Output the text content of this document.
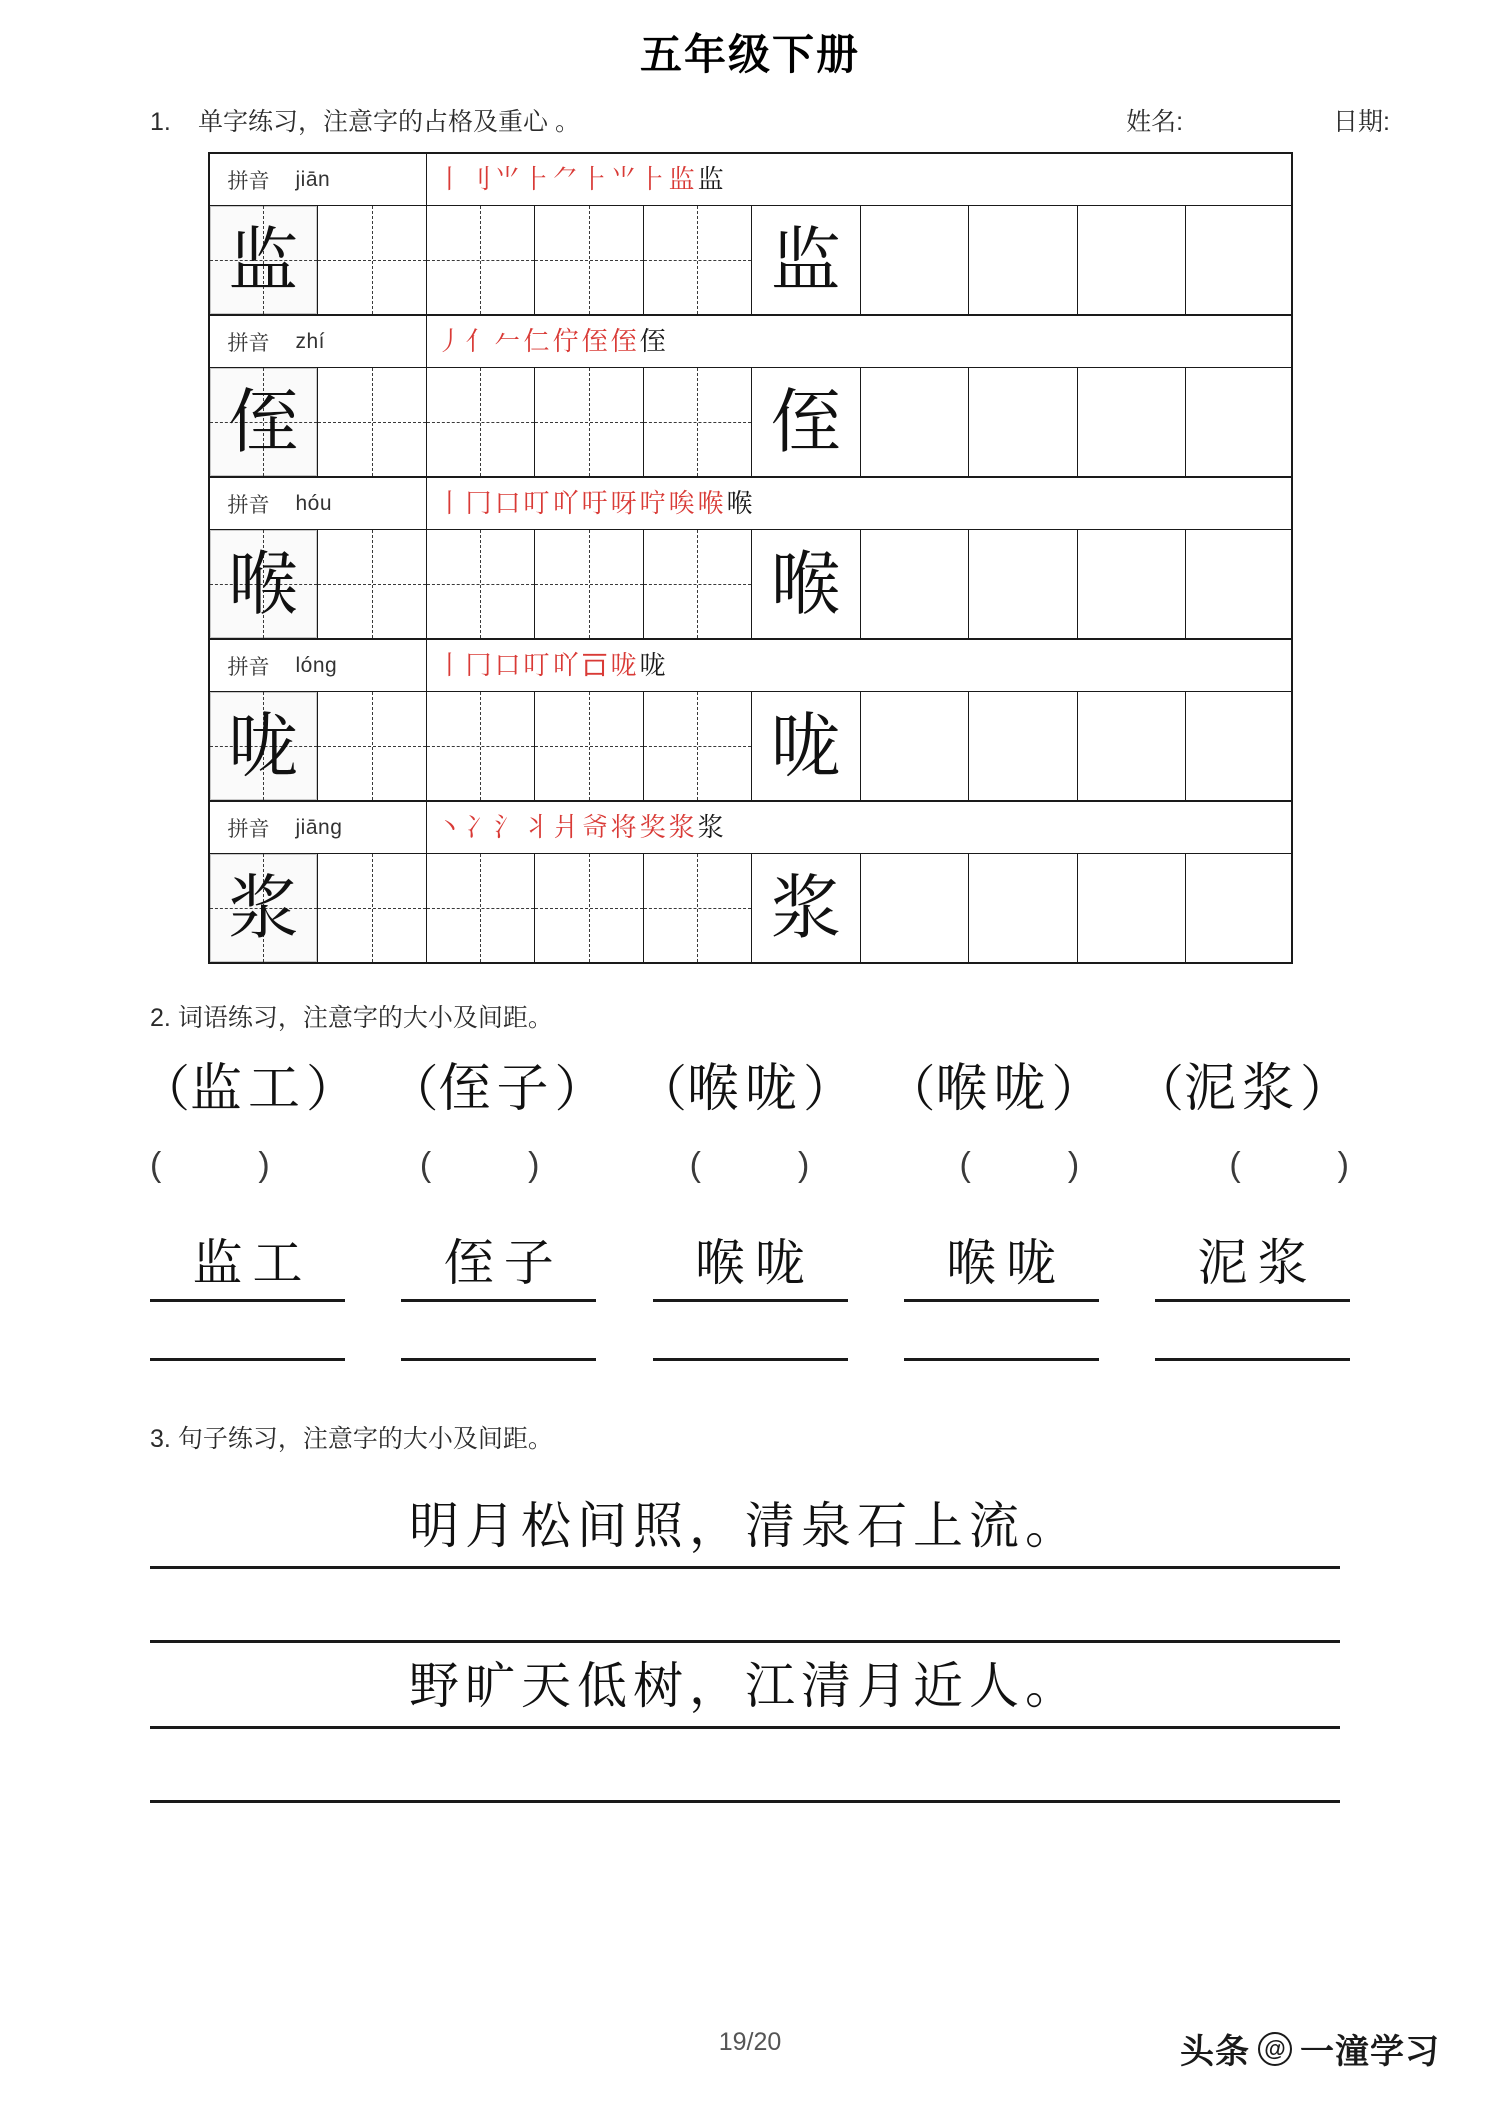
五年级下册
1.	单字练习，注意字的占格及重心 。	姓名:	日期:
拼音 jiān	丨刂⺌⺊⺈⺊⺌⺊监监
监	监
拼音 zhí	丿亻𠂉仁佇侄侄侄
侄	侄
拼音 hóu	丨冂口叮吖吁呀咛唉喉喉
喉	喉
拼音 lóng	丨冂口叮吖𠮛咙咙
咙	咙
拼音 jiāng	丶冫氵丬爿𤕒将奖浆浆
浆	浆
2. 词语练习，注意字的大小及间距。
（监工） （侄子） （喉咙） （喉咙） （泥浆）
(	)	(	)	(	)	(	)	(	)
监工	侄子	喉咙	喉咙	泥浆
3. 句子练习，注意字的大小及间距。
明月松间照，清泉石上流。
野旷天低树，江清月近人。
19/20	头条 @ 一潼学习
